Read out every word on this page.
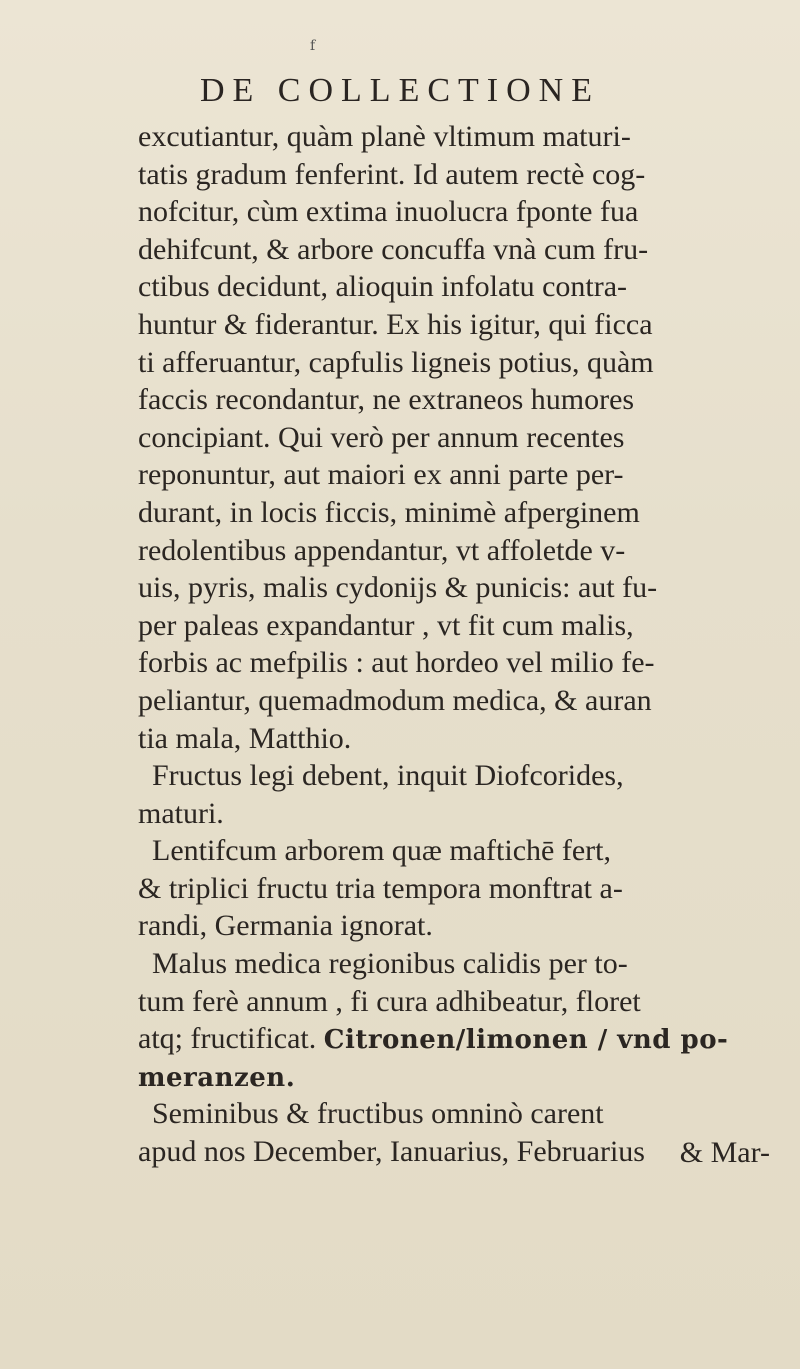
f
DE COLLECTIONE
excutiantur, quàm planè vltimum maturi-
tatis gradum fenferint. Id autem rectè cog-
nofcitur, cùm extima inuolucra fponte fua
dehifcunt, & arbore concuffa vnà cum fru-
ctibus decidunt, alioquin infolatu contra-
huntur & fiderantur. Ex his igitur, qui ficca
ti afferuantur, capfulis ligneis potius, quàm
faccis recondantur, ne extraneos humores
concipiant. Qui verò per annum recentes
reponuntur, aut maiori ex anni parte per-
durant, in locis ficcis, minimè afperginem
redolentibus appendantur, vt affoletde v-
uis, pyris, malis cydonijs & punicis: aut fu-
per paleas expandantur , vt fit cum malis,
forbis ac mefpilis : aut hordeo vel milio fe-
peliantur, quemadmodum medica, & auran
tia mala, Matthio.
Fructus legi debent, inquit Diofcorides,
maturi.
Lentifcum arborem quæ maftichē fert,
& triplici fructu tria tempora monftrat a-
randi, Germania ignorat.
Malus medica regionibus calidis per to-
tum ferè annum , fi cura adhibeatur, floret
atq; fructificat. Citronen/limonen / vnd po-
meranzen.
Seminibus & fructibus omninò carent
apud nos December, Ianuarius, Februarius	& Mar-
